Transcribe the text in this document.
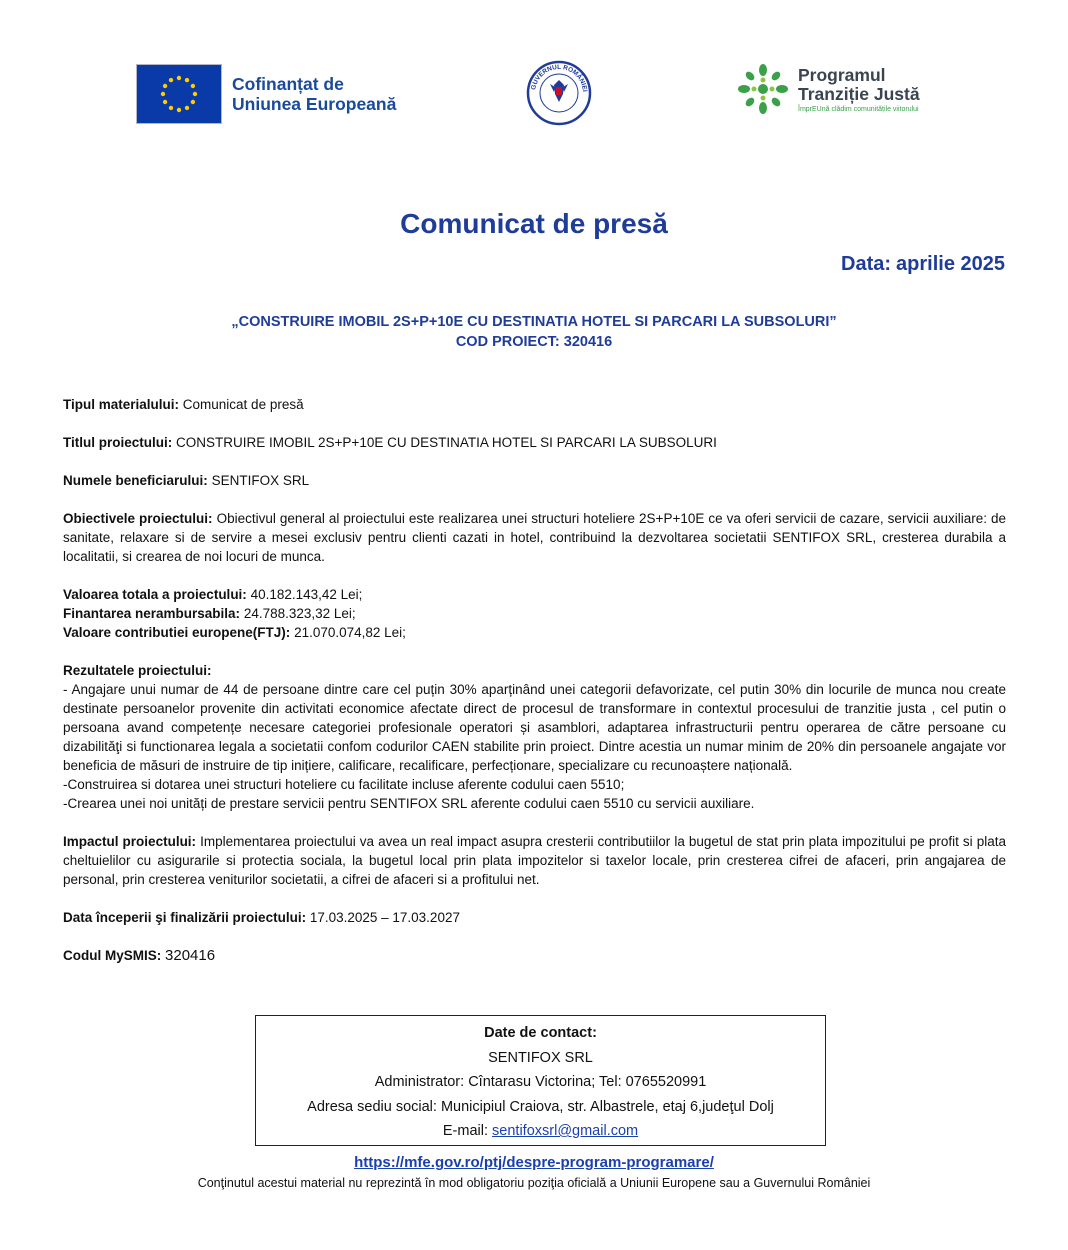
Cofinanțat de
Uniunea Europeană
GUVERNUL ROMÂNIEI
Programul
Tranziție Justă
ÎmprEUnă clădim comunitățile viitorului
Comunicat de presă
Data: aprilie 2025
„CONSTRUIRE IMOBIL 2S+P+10E CU DESTINATIA HOTEL SI PARCARI LA SUBSOLURI”
COD PROIECT: 320416

Tipul materialului: Comunicat de presă

Titlul proiectului: CONSTRUIRE IMOBIL 2S+P+10E CU DESTINATIA HOTEL SI PARCARI LA SUBSOLURI

Numele beneficiarului: SENTIFOX SRL

Obiectivele proiectului: Obiectivul general al proiectului este realizarea unei structuri hoteliere 2S+P+10E ce va oferi servicii de cazare, servicii auxiliare: de sanitate, relaxare si de servire a mesei exclusiv pentru clienti cazati in hotel, contribuind la dezvoltarea societatii SENTIFOX SRL, cresterea durabila a localitatii, si crearea de noi locuri de munca.

Valoarea totala a proiectului: 40.182.143,42 Lei;

Finantarea nerambursabila: 24.788.323,32 Lei;

Valoare contributiei europene(FTJ): 21.070.074,82 Lei;

Rezultatele proiectului:

- Angajare unui numar de 44 de persoane dintre care cel puțin 30% aparținând unei categorii defavorizate, cel putin 30% din locurile de munca nou create destinate persoanelor provenite din activitati economice afectate direct de procesul de transformare in contextul procesului de tranzitie justa , cel putin o persoana avand competențe necesare categoriei profesionale operatori și asamblori, adaptarea infrastructurii pentru operarea de către persoane cu dizabilităţi si functionarea legala a societatii confom codurilor CAEN stabilite prin proiect. Dintre acestia un numar minim de 20% din persoanele angajate vor beneficia de măsuri de instruire de tip inițiere, calificare, recalificare, perfecționare, specializare cu recunoaștere națională.

-Construirea si dotarea unei structuri hoteliere cu facilitate incluse aferente codului caen 5510;

-Crearea unei noi unități de prestare servicii pentru SENTIFOX SRL aferente codului caen 5510 cu servicii auxiliare.

Impactul proiectului: Implementarea proiectului va avea un real impact asupra cresterii contributiilor la bugetul de stat prin plata impozitului pe profit si plata cheltuielilor cu asigurarile si protectia sociala, la bugetul local prin plata impozitelor si taxelor locale, prin cresterea cifrei de afaceri, prin angajarea de personal, prin cresterea veniturilor societatii, a cifrei de afaceri si a profitului net.

Data începerii şi finalizării proiectului: 17.03.2025 – 17.03.2027

Codul MySMIS: 320416

Date de contact:
SENTIFOX SRL
Administrator: Cîntarasu Victorina; Tel: 0765520991
Adresa sediu social: Municipiul Craiova, str. Albastrele, etaj 6,judeţul Dolj
E-mail: sentifoxsrl@gmail.com
https://mfe.gov.ro/ptj/despre-program-programare/
Conţinutul acestui material nu reprezintă în mod obligatoriu poziţia oficială a Uniunii Europene sau a Guvernului României
